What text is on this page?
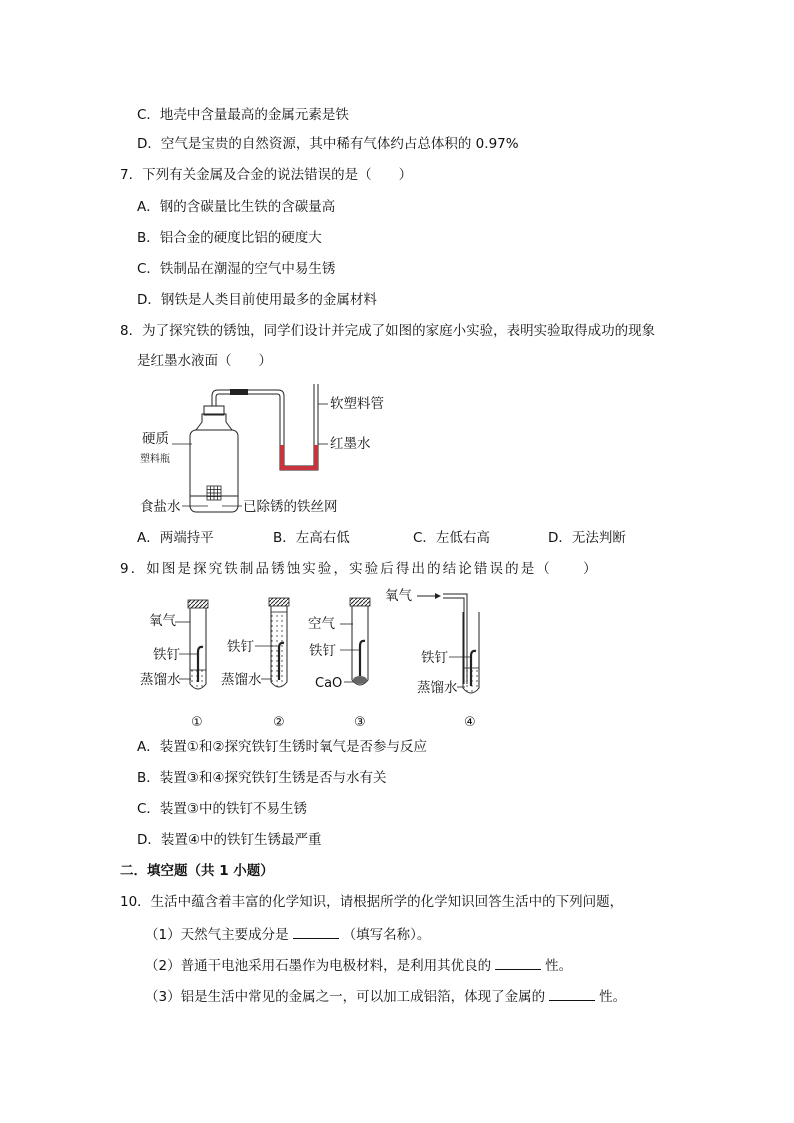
C．地壳中含量最高的金属元素是铁
D．空气是宝贵的自然资源，其中稀有气体约占总体积的 0.97%
7．下列有关金属及合金的说法错误的是（　　）
A．钢的含碳量比生铁的含碳量高
B．铝合金的硬度比铝的硬度大
C．铁制品在潮湿的空气中易生锈
D．钢铁是人类目前使用最多的金属材料
8．为了探究铁的锈蚀，同学们设计并完成了如图的家庭小实验，表明实验取得成功的现象
是红墨水液面（　　）
软塑料管
红墨水
硬质
塑料瓶
食盐水	已除锈的铁丝网
A．两端持平	B．左高右低	C．左低右高	D．无法判断
9．如图是探究铁制品锈蚀实验，实验后得出的结论错误的是（　　）
氧气
铁钉
蒸馏水
铁钉
蒸馏水
空气
铁钉
CaO
氧气
铁钉
蒸馏水
①	②	③	④
A．装置①和②探究铁钉生锈时氧气是否参与反应
B．装置③和④探究铁钉生锈是否与水有关
C．装置③中的铁钉不易生锈
D．装置④中的铁钉生锈最严重
二．填空题（共 1 小题）
10．生活中蕴含着丰富的化学知识，请根据所学的化学知识回答生活中的下列问题，
（1）天然气主要成分是	（填写名称）。
（2）普通干电池采用石墨作为电极材料，是利用其优良的	性。
（3）铝是生活中常见的金属之一，可以加工成铝箔，体现了金属的	性。
